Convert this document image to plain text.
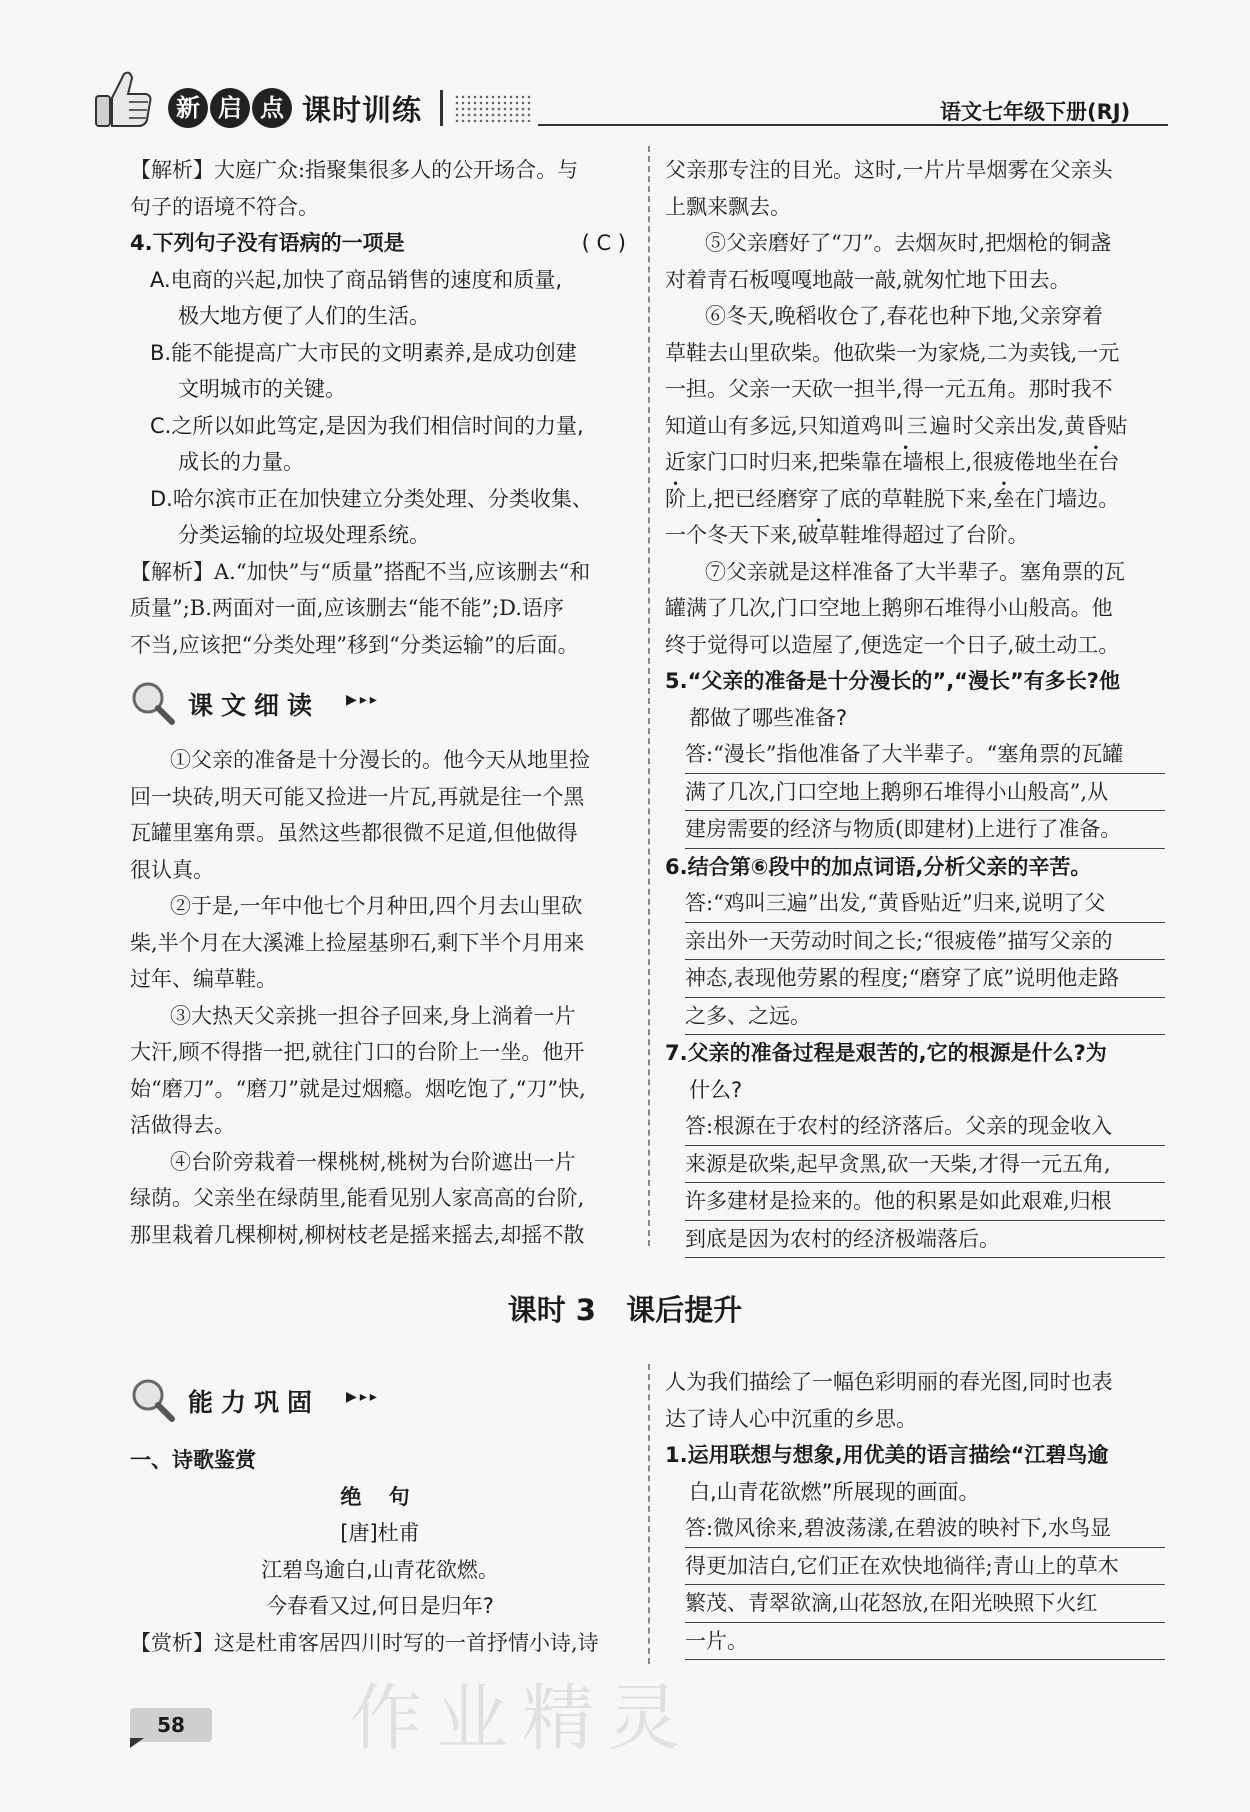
新 启 点 课时训练	语文七年级下册(RJ)
【解析】大庭广众:指聚集很多人的公开场合。与
句子的语境不符合。
4.下列句子没有语病的一项是	( C )
A.电商的兴起,加快了商品销售的速度和质量,
极大地方便了人们的生活。
B.能不能提高广大市民的文明素养,是成功创建
文明城市的关键。
C.之所以如此笃定,是因为我们相信时间的力量,
成长的力量。
D.哈尔滨市正在加快建立分类处理、分类收集、
分类运输的垃圾处理系统。
【解析】A.“加快”与“质量”搭配不当,应该删去“和
质量”;B.两面对一面,应该删去“能不能”;D.语序
不当,应该把“分类处理”移到“分类运输”的后面。
课文细读 ▶▸▸
①父亲的准备是十分漫长的。他今天从地里捡
回一块砖,明天可能又捡进一片瓦,再就是往一个黑
瓦罐里塞角票。虽然这些都很微不足道,但他做得
很认真。
②于是,一年中他七个月种田,四个月去山里砍
柴,半个月在大溪滩上捡屋基卵石,剩下半个月用来
过年、编草鞋。
③大热天父亲挑一担谷子回来,身上淌着一片
大汗,顾不得揩一把,就往门口的台阶上一坐。他开
始“磨刀”。“磨刀”就是过烟瘾。烟吃饱了,“刀”快,
活做得去。
④台阶旁栽着一棵桃树,桃树为台阶遮出一片
绿荫。父亲坐在绿荫里,能看见别人家高高的台阶,
那里栽着几棵柳树,柳树枝老是摇来摇去,却摇不散
父亲那专注的目光。这时,一片片旱烟雾在父亲头
上飘来飘去。
⑤父亲磨好了“刀”。去烟灰时,把烟枪的铜盏
对着青石板嘎嘎地敲一敲,就匆忙地下田去。
⑥冬天,晚稻收仓了,春花也种下地,父亲穿着
草鞋去山里砍柴。他砍柴一为家烧,二为卖钱,一元
一担。父亲一天砍一担半,得一元五角。那时我不
知道山有多远,只知道鸡叫三遍时父亲出发,黄昏贴
近家门口时归来,把柴靠在墙根上,很疲倦地坐在台
阶上,把已经磨穿了底的草鞋脱下来,垒在门墙边。
一个冬天下来,破草鞋堆得超过了台阶。
⑦父亲就是这样准备了大半辈子。塞角票的瓦
罐满了几次,门口空地上鹅卵石堆得小山般高。他
终于觉得可以造屋了,便选定一个日子,破土动工。
5.“父亲的准备是十分漫长的”,“漫长”有多长?他
都做了哪些准备?
答:“漫长”指他准备了大半辈子。“塞角票的瓦罐
满了几次,门口空地上鹅卵石堆得小山般高”,从
建房需要的经济与物质(即建材)上进行了准备。
6.结合第⑥段中的加点词语,分析父亲的辛苦。
答:“鸡叫三遍”出发,“黄昏贴近”归来,说明了父
亲出外一天劳动时间之长;“很疲倦”描写父亲的
神态,表现他劳累的程度;“磨穿了底”说明他走路
之多、之远。
7.父亲的准备过程是艰苦的,它的根源是什么?为
什么?
答:根源在于农村的经济落后。父亲的现金收入
来源是砍柴,起早贪黑,砍一天柴,才得一元五角,
许多建材是捡来的。他的积累是如此艰难,归根
到底是因为农村的经济极端落后。
课时 3   课后提升
能力巩固 ▶▸▸
一、诗歌鉴赏
绝 句
[唐]杜甫
江碧鸟逾白,山青花欲燃。
今春看又过,何日是归年?
【赏析】这是杜甫客居四川时写的一首抒情小诗,诗
人为我们描绘了一幅色彩明丽的春光图,同时也表
达了诗人心中沉重的乡思。
1.运用联想与想象,用优美的语言描绘“江碧鸟逾
白,山青花欲燃”所展现的画面。
答:微风徐来,碧波荡漾,在碧波的映衬下,水鸟显
得更加洁白,它们正在欢快地徜徉;青山上的草木
繁茂、青翠欲滴,山花怒放,在阳光映照下火红
一片。
作业精灵
58
